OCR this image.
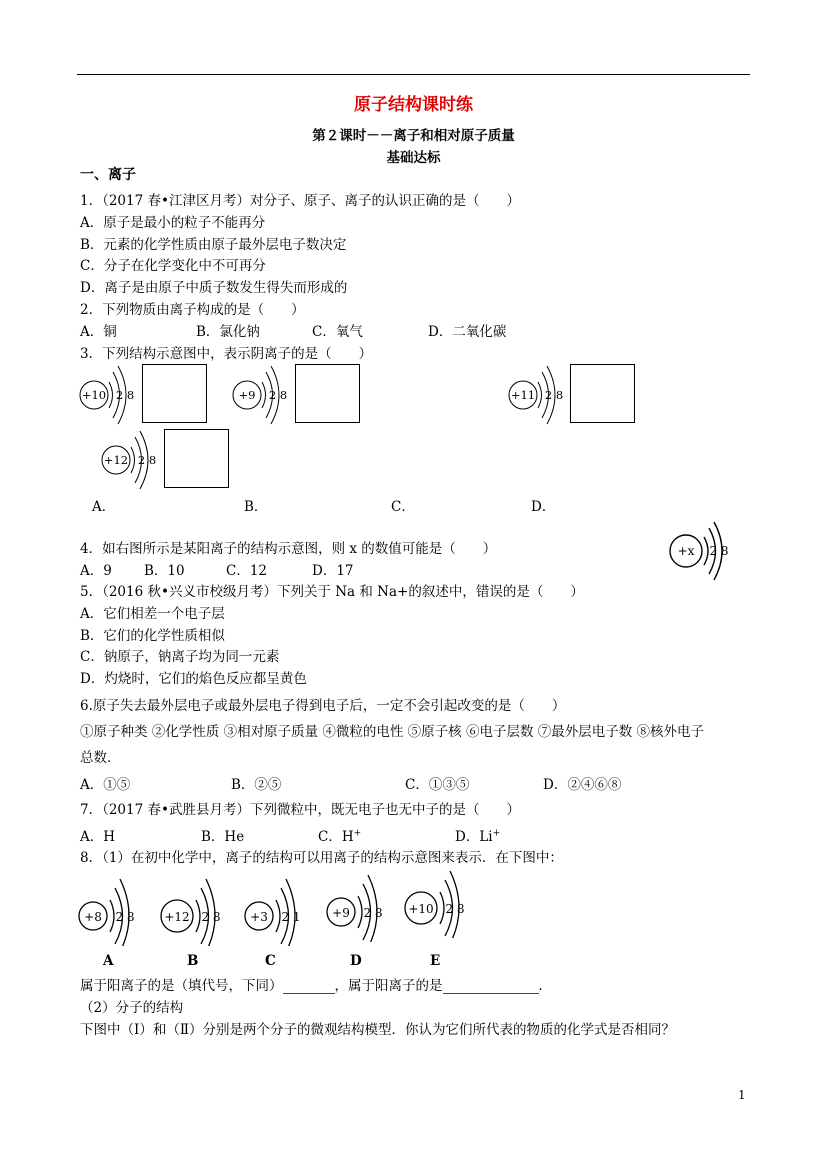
原子结构课时练
第２课时－－离子和相对原子质量
基础达标
一、离子
1．（2017 春•江津区月考）对分子、原子、离子的认识正确的是（　　）
A．原子是最小的粒子不能再分
B．元素的化学性质由原子最外层电子数决定
C．分子在化学变化中不可再分
D．离子是由原子中质子数发生得失而形成的
2．下列物质由离子构成的是（　　）
A．铜	B．氯化钠	C．氧气	D．二氧化碳
3．下列结构示意图中，表示阴离子的是（　　）
+10 2 8	+9 2 8	+11 2 8
+12 2 8
A．	B．	C．	D．
4．如右图所示是某阳离子的结构示意图，则 x 的数值可能是（　　）	+x 2 8
A．9 B．10	C．12	D．17
5．（2016 秋•兴义市校级月考）下列关于 Na 和 Na+的叙述中，错误的是（　　）
A．它们相差一个电子层
B．它们的化学性质相似
C．钠原子，钠离子均为同一元素
D．灼烧时，它们的焰色反应都呈黄色
6.原子失去最外层电子或最外层电子得到电子后，一定不会引起改变的是（　　）
①原子种类 ②化学性质 ③相对原子质量 ④微粒的电性 ⑤原子核 ⑥电子层数 ⑦最外层电子数 ⑧核外电子
总数．
A．①⑤	B．②⑤	C．①③⑤	D．②④⑥⑧
7．（2017 春•武胜县月考）下列微粒中，既无电子也无中子的是（　　）
A．H	B．He	C．H+	D．Li+
8．（1）在初中化学中，离子的结构可以用离子的结构示意图来表示．在下图中：
+8 2 8 +12 2 8 +3 2 1	+9 2 8 +10 2 8
A	B	C	D	E
属于阳离子的是（填代号，下同）	，属于阳离子的是	．
（2）分子的结构
下图中（Ⅰ）和（Ⅱ）分别是两个分子的微观结构模型．你认为它们所代表的物质的化学式是否相同？
1
